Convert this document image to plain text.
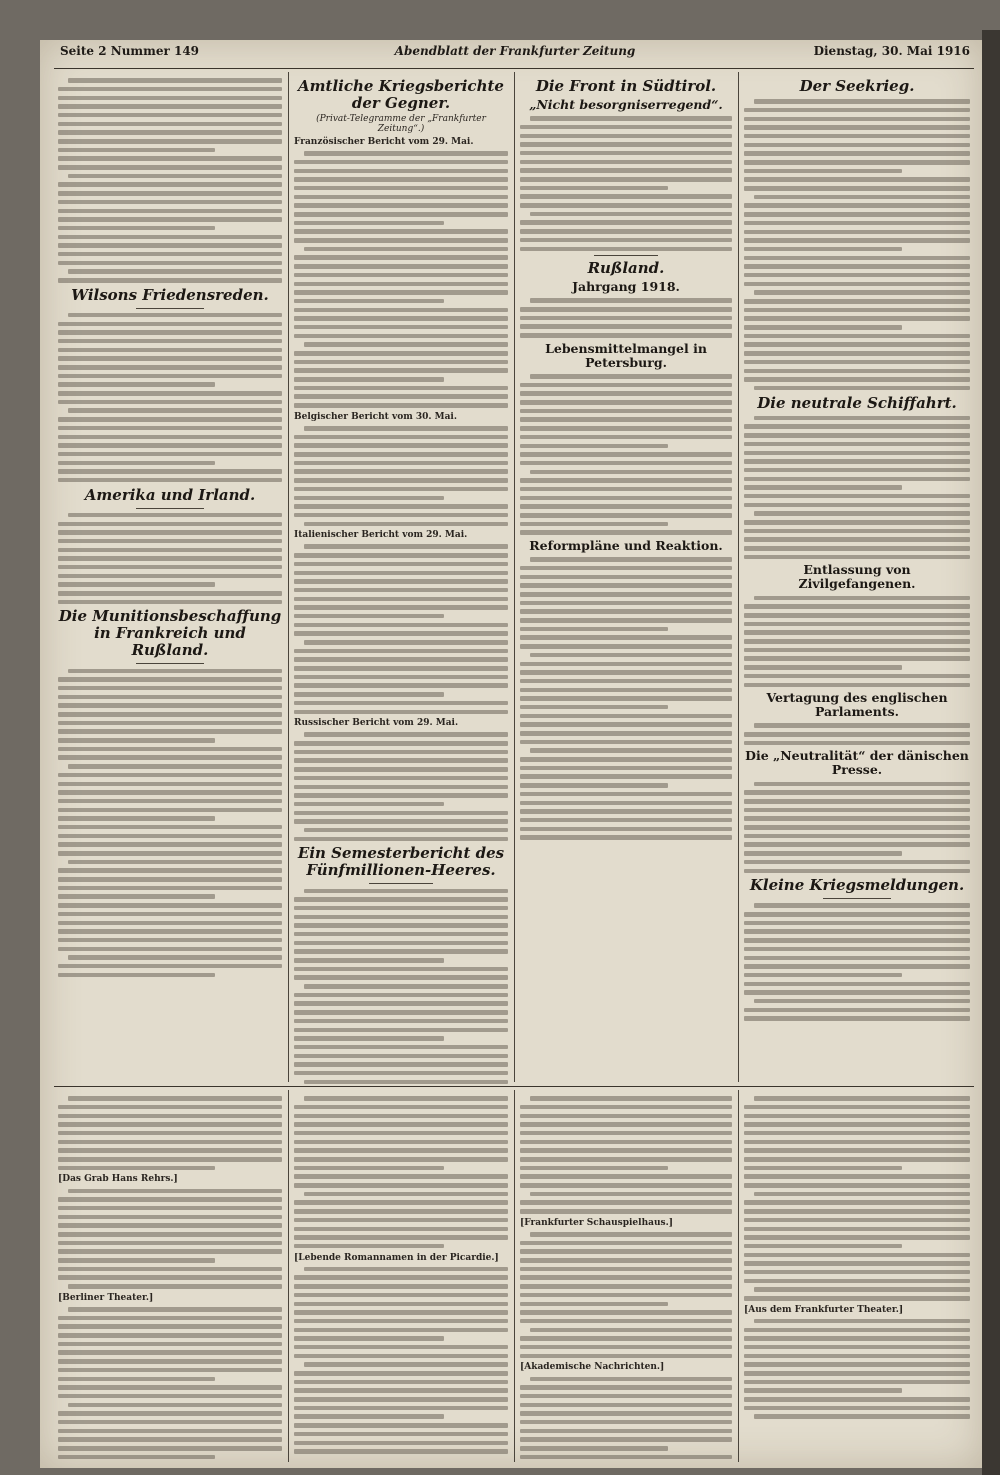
Seite 2 Nummer 149	Abendblatt der Frankfurter Zeitung	Dienstag, 30. Mai 1916
Wilsons Friedensreden.
Amerika und Irland.
Die Munitionsbeschaffung in Frankreich und Rußland.
Amtliche Kriegsberichte der Gegner.
(Privat-Telegramme der „Frankfurter Zeitung“.)
Französischer Bericht vom 29. Mai.
Belgischer Bericht vom 30. Mai.
Italienischer Bericht vom 29. Mai.
Russischer Bericht vom 29. Mai.
Ein Semesterbericht des Fünfmillionen-Heeres.
Die Front in Südtirol.
„Nicht besorgniserregend“.
Rußland.
Jahrgang 1918.
Lebensmittelmangel in Petersburg.
Reformpläne und Reaktion.
Der Seekrieg.
Die neutrale Schiffahrt.
Entlassung von Zivilgefangenen.
Vertagung des englischen Parlaments.
Die „Neutralität“ der dänischen Presse.
Kleine Kriegsmeldungen.
[Das Grab Hans Rehrs.]
[Berliner Theater.]
[Lebende Romannamen in der Picardie.]
[Frankfurter Schauspielhaus.]
[Akademische Nachrichten.]
[Aus dem Frankfurter Theater.]
